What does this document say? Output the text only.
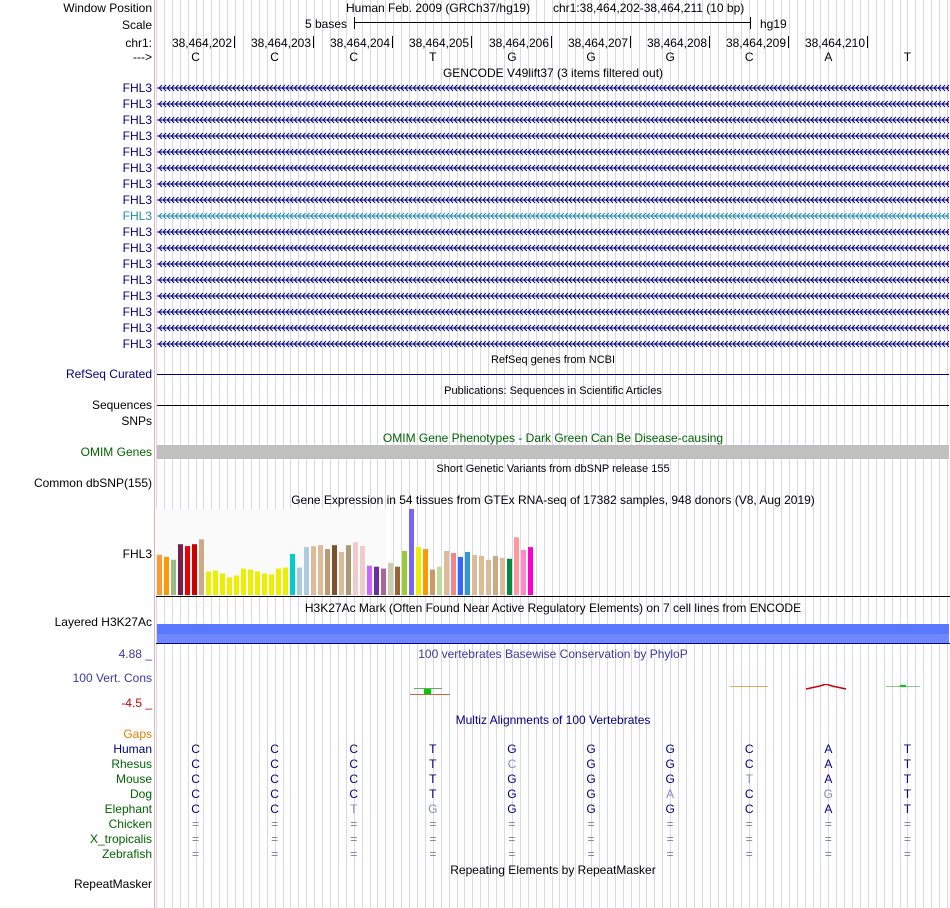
Window Position	Human Feb. 2009 (GRCh37/hg19) chr1:38,464,202-38,464,211 (10 bp)
Scale	5 bases	hg19
chr1:	38,464,202	38,464,203	38,464,204	38,464,205	38,464,206	38,464,207	38,464,208	38,464,209	38,464,210
--->	C	C	C	T	G	G	G	C	A	T
GENCODE V49lift37 (3 items filtered out)
FHL3
FHL3
FHL3
FHL3
FHL3
FHL3
FHL3
FHL3
FHL3
FHL3
FHL3
FHL3
FHL3
FHL3
FHL3
FHL3
FHL3
RefSeq genes from NCBI
RefSeq Curated
Publications: Sequences in Scientific Articles
Sequences
SNPs
OMIM Gene Phenotypes - Dark Green Can Be Disease-causing
OMIM Genes
Short Genetic Variants from dbSNP release 155
Common dbSNP(155)
Gene Expression in 54 tissues from GTEx RNA-seq of 17382 samples, 948 donors (V8, Aug 2019)
FHL3
H3K27Ac Mark (Often Found Near Active Regulatory Elements) on 7 cell lines from ENCODE
Layered H3K27Ac
100 vertebrates Basewise Conservation by PhyloP
4.88 _
100 Vert. Cons
-4.5 _
Multiz Alignments of 100 Vertebrates
Gaps
Human	C	C	C	T	G	G	G	C	A	T
Rhesus	C	C	C	T	C	G	G	C	A	T
Mouse	C	C	C	T	G	G	G	T	A	T
Dog	C	C	C	T	G	G	A	C	G	T
Elephant	C	C	T	G	G	G	G	C	A	T
Chicken	=	=	=	=	=	=	=	=	=	=
X_tropicalis	=	=	=	=	=	=	=	=	=	=
Zebrafish	=	=	=	=	=	=	=	=	=	=
Repeating Elements by RepeatMasker
RepeatMasker
